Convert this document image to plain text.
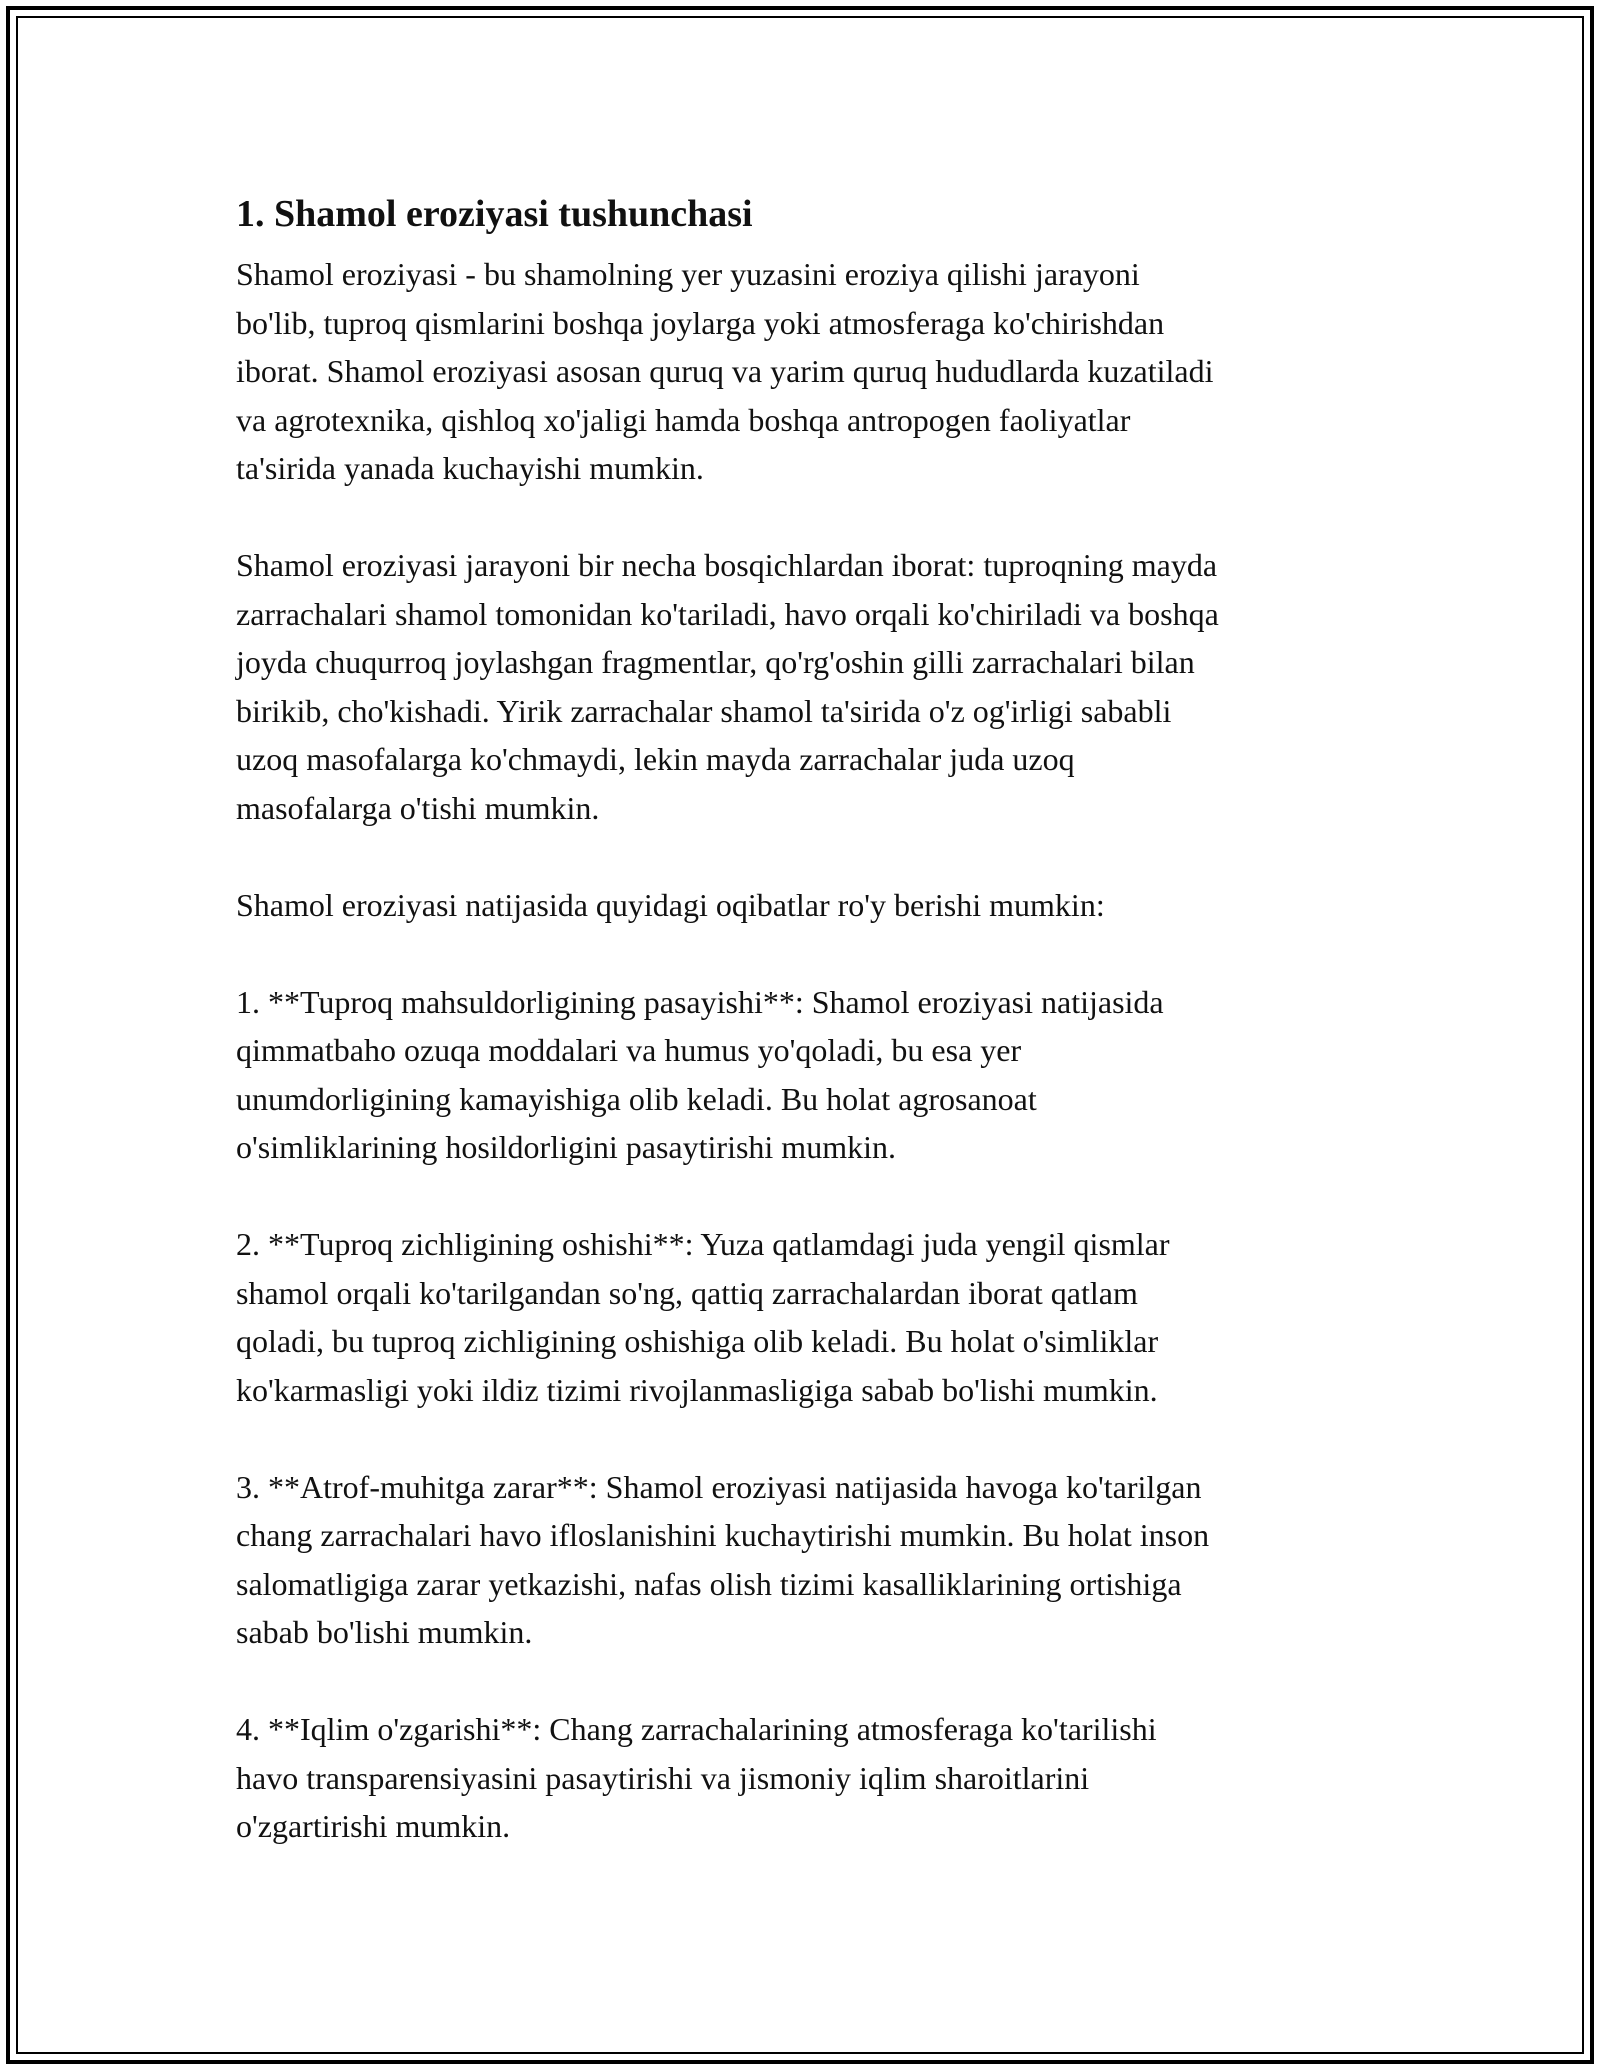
1. Shamol eroziyasi tushunchasi

Shamol eroziyasi - bu shamolning yer yuzasini eroziya qilishi jarayoni
bo'lib, tuproq qismlarini boshqa joylarga yoki atmosferaga ko'chirishdan
iborat. Shamol eroziyasi asosan quruq va yarim quruq hududlarda kuzatiladi
va agrotexnika, qishloq xo'jaligi hamda boshqa antropogen faoliyatlar
ta'sirida yanada kuchayishi mumkin.

Shamol eroziyasi jarayoni bir necha bosqichlardan iborat: tuproqning mayda
zarrachalari shamol tomonidan ko'tariladi, havo orqali ko'chiriladi va boshqa
joyda chuqurroq joylashgan fragmentlar, qo'rg'oshin gilli zarrachalari bilan
birikib, cho'kishadi. Yirik zarrachalar shamol ta'sirida o'z og'irligi sababli
uzoq masofalarga ko'chmaydi, lekin mayda zarrachalar juda uzoq
masofalarga o'tishi mumkin.

Shamol eroziyasi natijasida quyidagi oqibatlar ro'y berishi mumkin:

1. **Tuproq mahsuldorligining pasayishi**: Shamol eroziyasi natijasida
qimmatbaho ozuqa moddalari va humus yo'qoladi, bu esa yer
unumdorligining kamayishiga olib keladi. Bu holat agrosanoat
o'simliklarining hosildorligini pasaytirishi mumkin.

2. **Tuproq zichligining oshishi**: Yuza qatlamdagi juda yengil qismlar
shamol orqali ko'tarilgandan so'ng, qattiq zarrachalardan iborat qatlam
qoladi, bu tuproq zichligining oshishiga olib keladi. Bu holat o'simliklar
ko'karmasligi yoki ildiz tizimi rivojlanmasligiga sabab bo'lishi mumkin.

3. **Atrof-muhitga zarar**: Shamol eroziyasi natijasida havoga ko'tarilgan
chang zarrachalari havo ifloslanishini kuchaytirishi mumkin. Bu holat inson
salomatligiga zarar yetkazishi, nafas olish tizimi kasalliklarining ortishiga
sabab bo'lishi mumkin.

4. **Iqlim o'zgarishi**: Chang zarrachalarining atmosferaga ko'tarilishi
havo transparensiyasini pasaytirishi va jismoniy iqlim sharoitlarini
o'zgartirishi mumkin.
